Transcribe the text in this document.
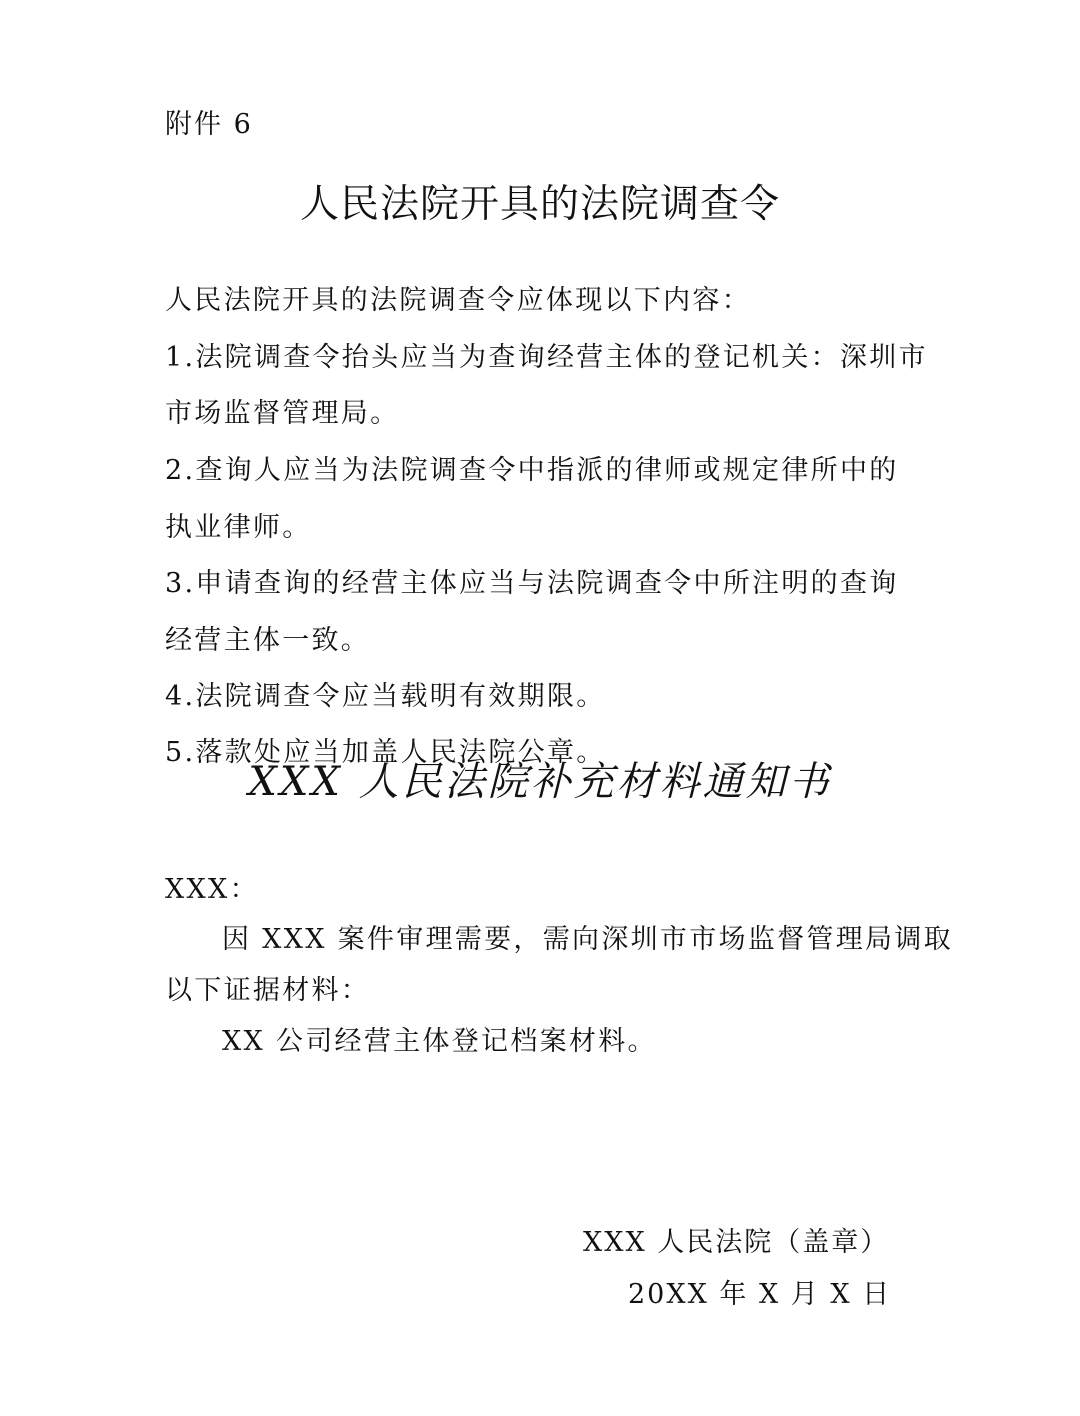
附件 6
人民法院开具的法院调查令
人民法院开具的法院调查令应体现以下内容：
1.法院调查令抬头应当为查询经营主体的登记机关：深圳市
市场监督管理局。
2.查询人应当为法院调查令中指派的律师或规定律所中的
执业律师。
3.申请查询的经营主体应当与法院调查令中所注明的查询
经营主体一致。
4.法院调查令应当载明有效期限。
5.落款处应当加盖人民法院公章。
XXX 人民法院补充材料通知书
XXX：
因 XXX 案件审理需要，需向深圳市市场监督管理局调取
以下证据材料：
XX 公司经营主体登记档案材料。
XXX 人民法院（盖章）
20XX 年 X 月 X 日
